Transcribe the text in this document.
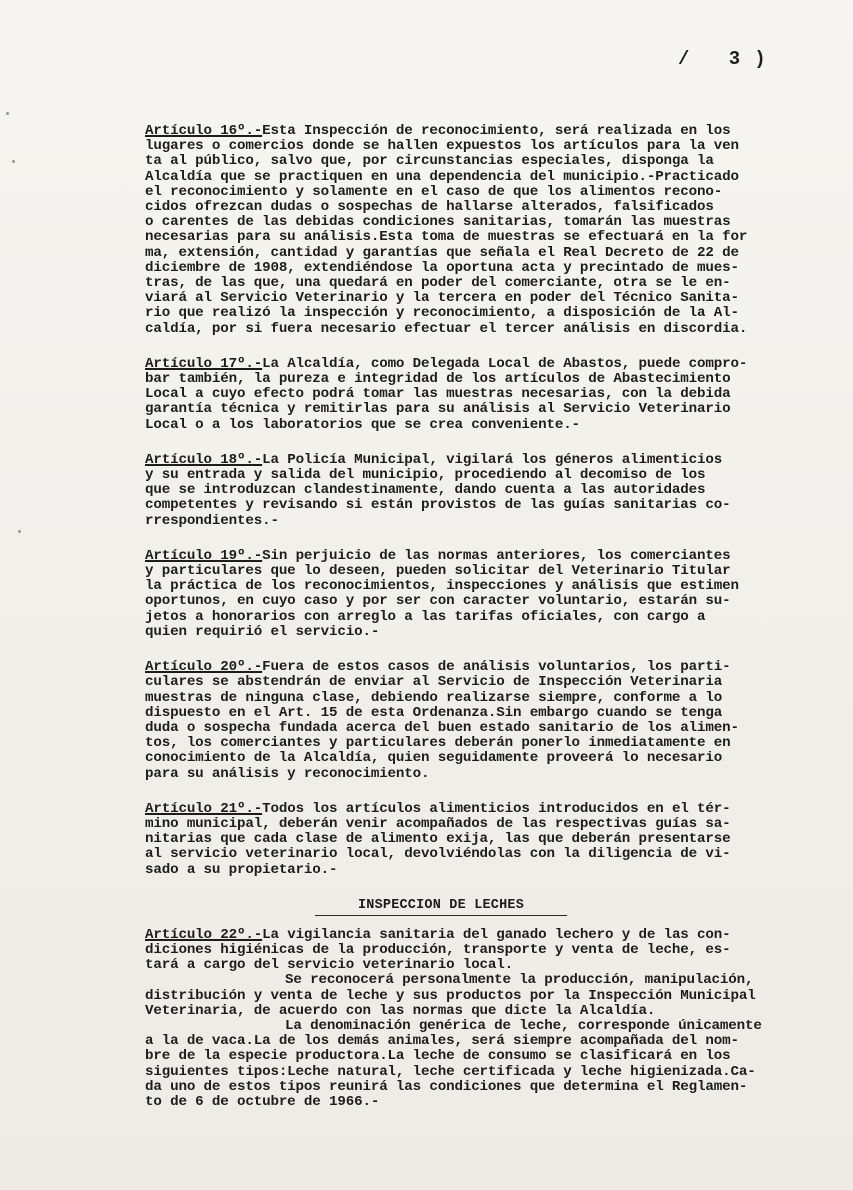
/ 3)
Artículo 16º.-Esta Inspección de reconocimiento, será realizada en los
lugares o comercios donde se hallen expuestos los artículos para la ven
ta al público, salvo que, por circunstancias especiales, disponga la
Alcaldía que se practiquen en una dependencia del municipio.-Practicado
el reconocimiento y solamente en el caso de que los alimentos recono-
cidos ofrezcan dudas o sospechas de hallarse alterados, falsificados
o carentes de las debidas condiciones sanitarias, tomarán las muestras
necesarias para su análisis.Esta toma de muestras se efectuará en la for
ma, extensión, cantidad y garantías que señala el Real Decreto de 22 de
diciembre de 1908, extendiéndose la oportuna acta y precintado de mues-
tras, de las que, una quedará en poder del comerciante, otra se le en-
viará al Servicio Veterinario y la tercera en poder del Técnico Sanita-
rio que realizó la inspección y reconocimiento, a disposición de la Al-
caldía, por si fuera necesario efectuar el tercer análisis en discordia.
Artículo 17º.-La Alcaldía, como Delegada Local de Abastos, puede compro-
bar también, la pureza e integridad de los artículos de Abastecimiento
Local a cuyo efecto podrá tomar las muestras necesarias, con la debida
garantía técnica y remitirlas para su análisis al Servicio Veterinario
Local o a los laboratorios que se crea conveniente.-
Artículo 18º.-La Policía Municipal, vigilará los géneros alimenticios
y su entrada y salida del municipio, procediendo al decomiso de los
que se introduzcan clandestinamente, dando cuenta a las autoridades
competentes y revisando si están provistos de las guías sanitarias co-
rrespondientes.-
Artículo 19º.-Sin perjuicio de las normas anteriores, los comerciantes
y particulares que lo deseen, pueden solicitar del Veterinario Titular
la práctica de los reconocimientos, inspecciones y análisis que estimen
oportunos, en cuyo caso y por ser con caracter voluntario, estarán su-
jetos a honorarios con arreglo a las tarifas oficiales, con cargo a
quien requirió el servicio.-
Artículo 20º.-Fuera de estos casos de análisis voluntarios, los parti-
culares se abstendrán de enviar al Servicio de Inspección Veterinaria
muestras de ninguna clase, debiendo realizarse siempre, conforme a lo
dispuesto en el Art. 15 de esta Ordenanza.Sin embargo cuando se tenga
duda o sospecha fundada acerca del buen estado sanitario de los alimen-
tos, los comerciantes y particulares deberán ponerlo inmediatamente en
conocimiento de la Alcaldía, quien seguidamente proveerá lo necesario
para su análisis y reconocimiento.
Artículo 21º.-Todos los artículos alimenticios introducidos en el tér-
mino municipal, deberán venir acompañados de las respectivas guías sa-
nitarias que cada clase de alimento exija, las que deberán presentarse
al servicio veterinario local, devolviéndolas con la diligencia de vi-
sado a su propietario.-
INSPECCION DE LECHES
Artículo 22º.-La vigilancia sanitaria del ganado lechero y de las con-
diciones higiénicas de la producción, transporte y venta de leche, es-
tará a cargo del servicio veterinario local.
Se reconocerá personalmente la producción, manipulación,
distribución y venta de leche y sus productos por la Inspección Municipal
Veterinaria, de acuerdo con las normas que dicte la Alcaldía.
La denominación genérica de leche, corresponde únicamente
a la de vaca.La de los demás animales, será siempre acompañada del nom-
bre de la especie productora.La leche de consumo se clasificará en los
siguientes tipos:Leche natural, leche certificada y leche higienizada.Ca-
da uno de estos tipos reunirá las condiciones que determina el Reglamen-
to de 6 de octubre de 1966.-
